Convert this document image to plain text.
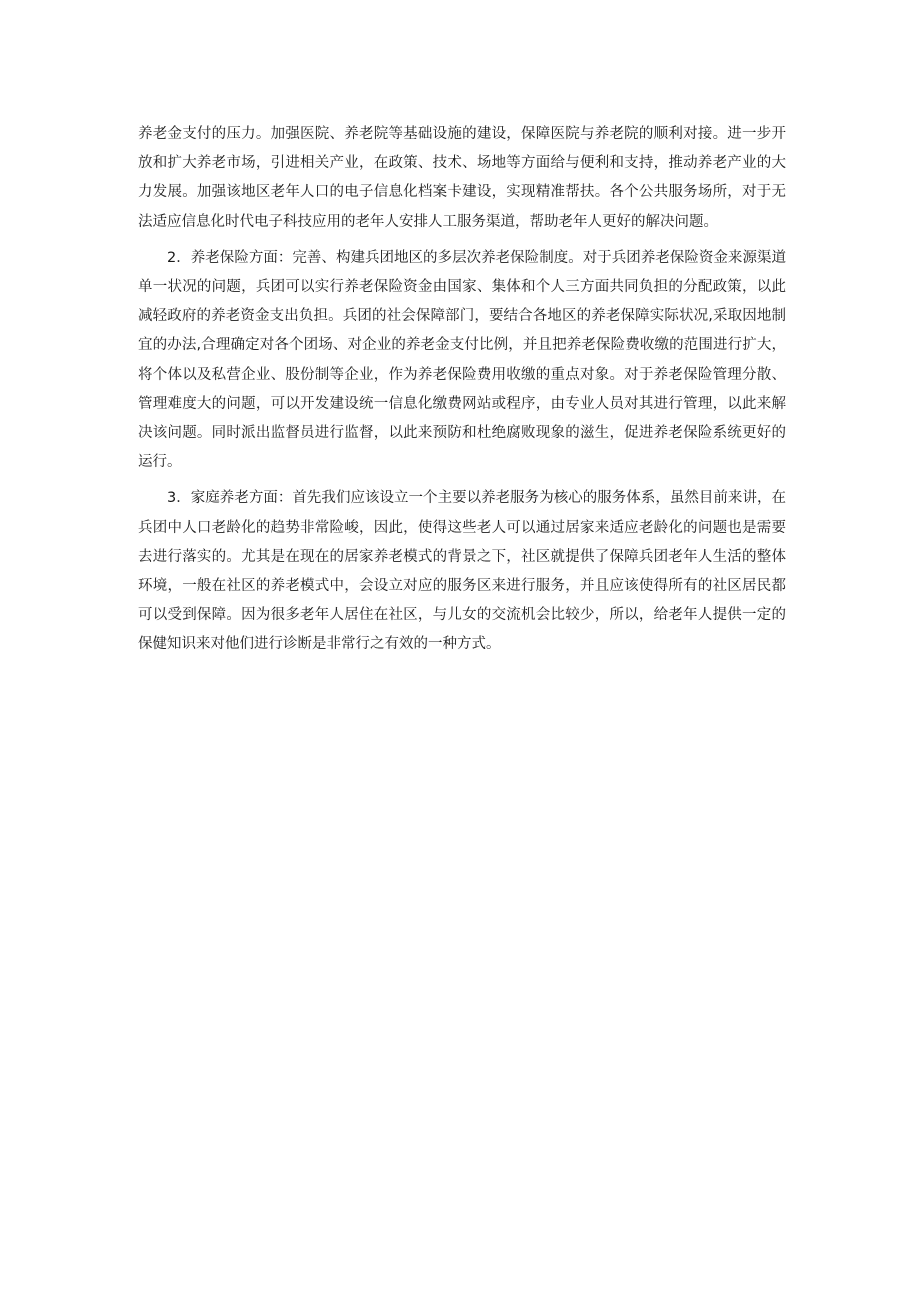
养老金支付的压力。加强医院、养老院等基础设施的建设，保障医院与养老院的顺利对接。进一步开放和扩大养老市场，引进相关产业，在政策、技术、场地等方面给与便利和支持，推动养老产业的大力发展。加强该地区老年人口的电子信息化档案卡建设，实现精准帮扶。各个公共服务场所，对于无法适应信息化时代电子科技应用的老年人安排人工服务渠道，帮助老年人更好的解决问题。

2．养老保险方面：完善、构建兵团地区的多层次养老保险制度。对于兵团养老保险资金来源渠道单一状况的问题，兵团可以实行养老保险资金由国家、集体和个人三方面共同负担的分配政策，以此减轻政府的养老资金支出负担。兵团的社会保障部门，要结合各地区的养老保障实际状况,采取因地制宜的办法,合理确定对各个团场、对企业的养老金支付比例，并且把养老保险费收缴的范围进行扩大，将个体以及私营企业、股份制等企业，作为养老保险费用收缴的重点对象。对于养老保险管理分散、管理难度大的问题，可以开发建设统一信息化缴费网站或程序，由专业人员对其进行管理，以此来解决该问题。同时派出监督员进行监督，以此来预防和杜绝腐败现象的滋生，促进养老保险系统更好的运行。

3．家庭养老方面：首先我们应该设立一个主要以养老服务为核心的服务体系，虽然目前来讲，在兵团中人口老龄化的趋势非常险峻，因此，使得这些老人可以通过居家来适应老龄化的问题也是需要去进行落实的。尤其是在现在的居家养老模式的背景之下，社区就提供了保障兵团老年人生活的整体环境，一般在社区的养老模式中，会设立对应的服务区来进行服务，并且应该使得所有的社区居民都可以受到保障。因为很多老年人居住在社区，与儿女的交流机会比较少，所以，给老年人提供一定的保健知识来对他们进行诊断是非常行之有效的一种方式。
